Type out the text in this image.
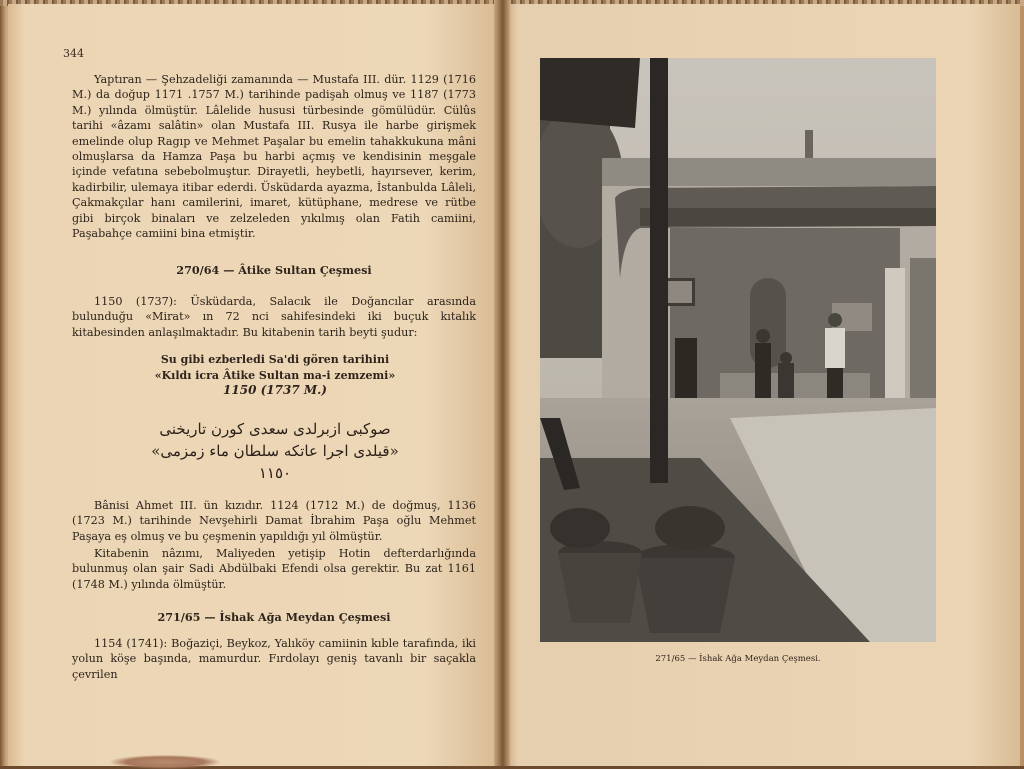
344

Yaptıran — Şehzadeliği zamanında — Mustafa III. dür. 1129 (1716 M.) da doğup 1171 .1757 M.) tarihinde padişah olmuş ve 1187 (1773 M.) yılında ölmüştür. Lâlelide hususi türbesinde gömülüdür. Cülûs tarihi «âzamı salâtin» olan Mustafa III. Rusya ile harbe girişmek emelinde olup Ragıp ve Mehmet Paşalar bu emelin tahakkukuna mâni olmuşlarsa da Hamza Paşa bu harbi açmış ve kendisinin meşgale içinde vefatına sebebolmuştur. Dirayetli, heybetli, hayırsever, kerim, kadirbilir, ulemaya itibar ederdi. Üsküdarda ayazma, İstanbulda Lâleli, Çakmakçılar hanı camilerini, imaret, kütüphane, medrese ve rütbe gibi birçok binaları ve zelzeleden yıkılmış olan Fatih camiini, Paşabahçe camiini bina etmiştir.

270/64 — Âtike Sultan Çeşmesi

1150 (1737): Üsküdarda, Salacık ile Doğancılar arasında bulunduğu «Mirat» ın 72 nci sahifesindeki iki buçuk kıtalık kitabesinden anlaşılmaktadır. Bu kitabenin tarih beyti şudur:

Su gibi ezberledi Sa'di gören tarihini
«Kıldı icra Âtike Sultan ma-i zemzemi»
1150 (1737 M.)
صوکبی ازبرلدی سعدی کورن تاریخنی
«قیلدی اجرا عاتکه سلطان ماء زمزمی»
١١٥٠

Bânisi Ahmet III. ün kızıdır. 1124 (1712 M.) de doğmuş, 1136 (1723 M.) tarihinde Nevşehirli Damat İbrahim Paşa oğlu Mehmet Paşaya eş olmuş ve bu çeşmenin yapıldığı yıl ölmüştür.

Kitabenin nâzımı, Maliyeden yetişip Hotin defterdarlığında bulunmuş olan şair Sadi Abdülbaki Efendi olsa gerektir. Bu zat 1161 (1748 M.) yılında ölmüştür.

271/65 — İshak Ağa Meydan Çeşmesi

1154 (1741): Boğaziçi, Beykoz, Yalıköy camiinin kıble tarafında, iki yolun köşe başında, mamurdur. Fırdolayı geniş tavanlı bir saçakla çevrilen

271/65 — İshak Ağa Meydan Çeşmesi.
